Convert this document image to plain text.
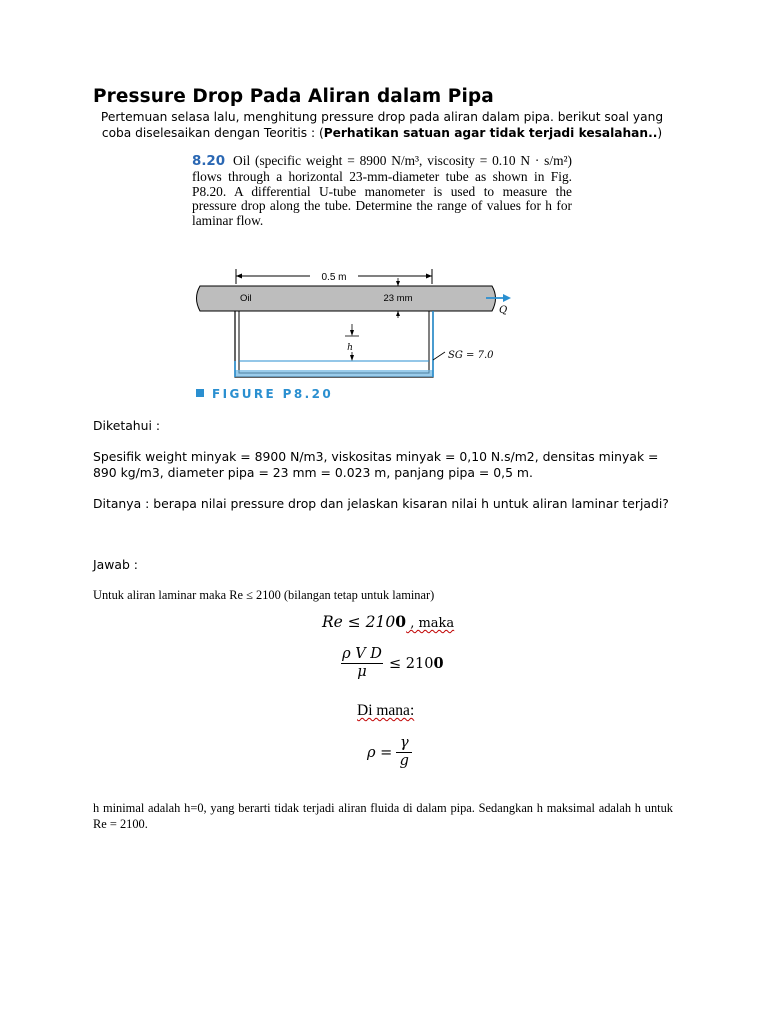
Pressure Drop Pada Aliran dalam Pipa
Pertemuan selasa lalu, menghitung pressure drop pada aliran dalam pipa. berikut soal yang
coba diselesaikan dengan Teoritis : (Perhatikan satuan agar tidak terjadi kesalahan..)
8.20 Oil (specific weight = 8900 N/m³, viscosity = 0.10 N · s/m²) flows through a horizontal 23-mm-diameter tube as shown in Fig. P8.20. A differential U-tube manometer is used to measure the pressure drop along the tube. Determine the range of values for h for laminar flow.
0.5 m
Oil	23 mm
Q
h
SG = 7.0
FIGURE P8.20
Diketahui :
Spesifik weight minyak = 8900 N/m3, viskositas minyak = 0,10 N.s/m2, densitas minyak = 890 kg/m3, diameter pipa = 23 mm = 0.023 m, panjang pipa = 0,5 m.
Ditanya : berapa nilai pressure drop dan jelaskan kisaran nilai h untuk aliran laminar terjadi?
Jawab :
Untuk aliran laminar maka Re ≤ 2100 (bilangan tetap untuk laminar)
Re ≤ 2100 , maka
$\frac{\text{ρ V D}}{\mu} \le 210$ 0
Di mana:
$\rho = \frac{\gamma}{g}$
h minimal adalah h=0, yang berarti tidak terjadi aliran fluida di dalam pipa. Sedangkan h maksimal adalah h untuk Re = 2100.
